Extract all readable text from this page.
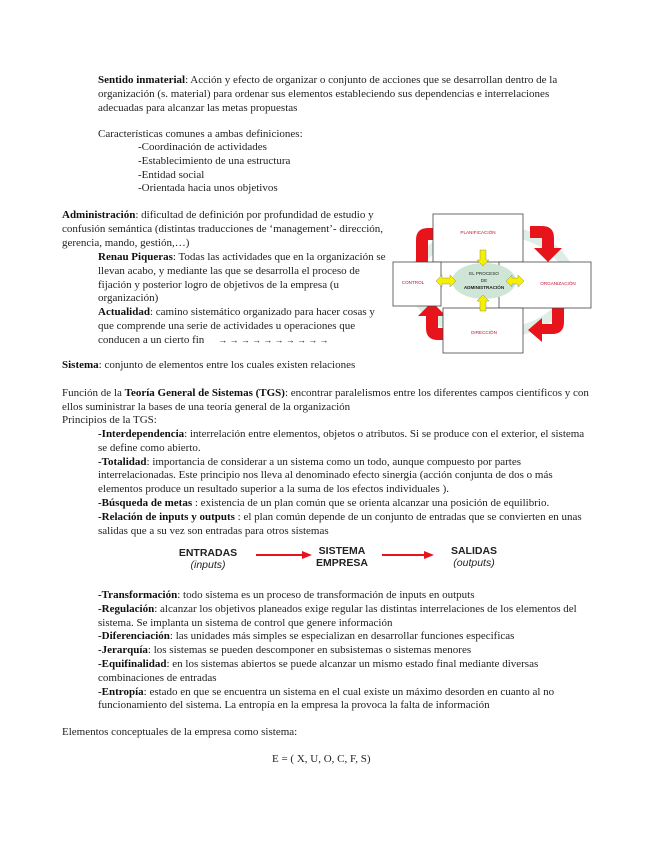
Sentido inmaterial: Acción y efecto de organizar o conjunto de acciones que se desarrollan dentro de la organización (s. material) para ordenar sus elementos estableciendo sus dependencias e interrelaciones adecuadas para alcanzar las metas propuestas

Características comunes a ambas definiciones:

-Coordinación de actividades
-Establecimiento de una estructura
-Entidad social
-Orientada hacia unos objetivos

Administración: dificultad de definición por profundidad de estudio y confusión semántica (distintas traducciones de ‘management’- dirección, gerencia, mando, gestión,…)

Renau Piqueras: Todas las actividades que en la organización se llevan acabo, y mediante las que se desarrolla el proceso de fijación y posterior logro de objetivos de la empresa (u organización)

Actualidad: camino sistemático organizado para hacer cosas y que comprende una serie de actividades u operaciones que conducen a un cierto fin → → → → → → → → → →

PLANIFICACIÓN
CONTROL	ORGANIZACIÓN
DIRECCIÓN
EL PROCESO
DE
ADMINISTRACIÓN

Sistema: conjunto de elementos entre los cuales existen relaciones

Función de la Teoría General de Sistemas (TGS): encontrar paralelismos entre los diferentes campos científicos y con ellos suministrar la bases de una teoría general de la organización

Principios de la TGS:

-Interdependencia: interrelación entre elementos, objetos o atributos. Si se produce con el exterior, el sistema se define como abierto.
-Totalidad: importancia de considerar a un sistema como un todo, aunque compuesto por partes interrelacionadas. Este principio nos lleva al denominado efecto sinergia (acción conjunta de dos o más elementos produce un resultado superior a la suma de los efectos individuales ).
-Búsqueda de metas : existencia de un plan común que se orienta alcanzar una posición de equilibrio.
-Relación de inputs y outputs : el plan común depende de un conjunto de entradas que se convierten en unas salidas que a su vez son entradas para otros sistemas
ENTRADAS
(inputs)
SISTEMA
EMPRESA
SALIDAS
(outputs)
-Transformación: todo sistema es un proceso de transformación de inputs en outputs
-Regulación: alcanzar los objetivos planeados exige regular las distintas interrelaciones de los elementos del sistema. Se implanta un sistema de control que genere información
-Diferenciación: las unidades más simples se especializan en desarrollar funciones especificas
-Jerarquía: los sistemas se pueden descomponer en subsistemas o sistemas menores
-Equifinalidad: en los sistemas abiertos se puede alcanzar un mismo estado final mediante diversas combinaciones de entradas
-Entropía: estado en que se encuentra un sistema en el cual existe un máximo desorden en cuanto al no funcionamiento del sistema. La entropía en la empresa la provoca la falta de información

Elementos conceptuales de la empresa como sistema:

E = ( X, U, O, C, F, S)
